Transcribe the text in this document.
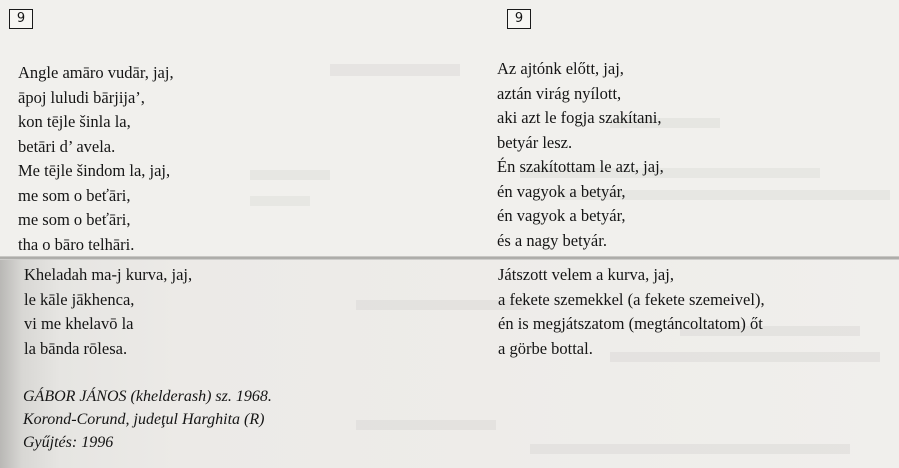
9	9
Angle amāro vudār, jaj,
āpoj luludi bārjija’,
kon tējle šinla la,
betāri d’ avela.
Me tējle šindom la, jaj,
me som o beťāri,
me som o beťāri,
tha o bāro telhāri.
Az ajtónk előtt, jaj,
aztán virág nyílott,
aki azt le fogja szakítani,
betyár lesz.
Én szakítottam le azt, jaj,
én vagyok a betyár,
én vagyok a betyár,
és a nagy betyár.
Kheladah ma-j kurva, jaj,
le kāle jākhenca,
vi me khelavō la
la bānda rōlesa.
Játszott velem a kurva, jaj,
a fekete szemekkel (a fekete szemeivel),
én is megjátszatom (megtáncoltatom) őt
a görbe bottal.
GÁBOR JÁNOS (khelderash) sz. 1968.
Korond-Corund, judeţul Harghita (R)
Gyűjtés: 1996
